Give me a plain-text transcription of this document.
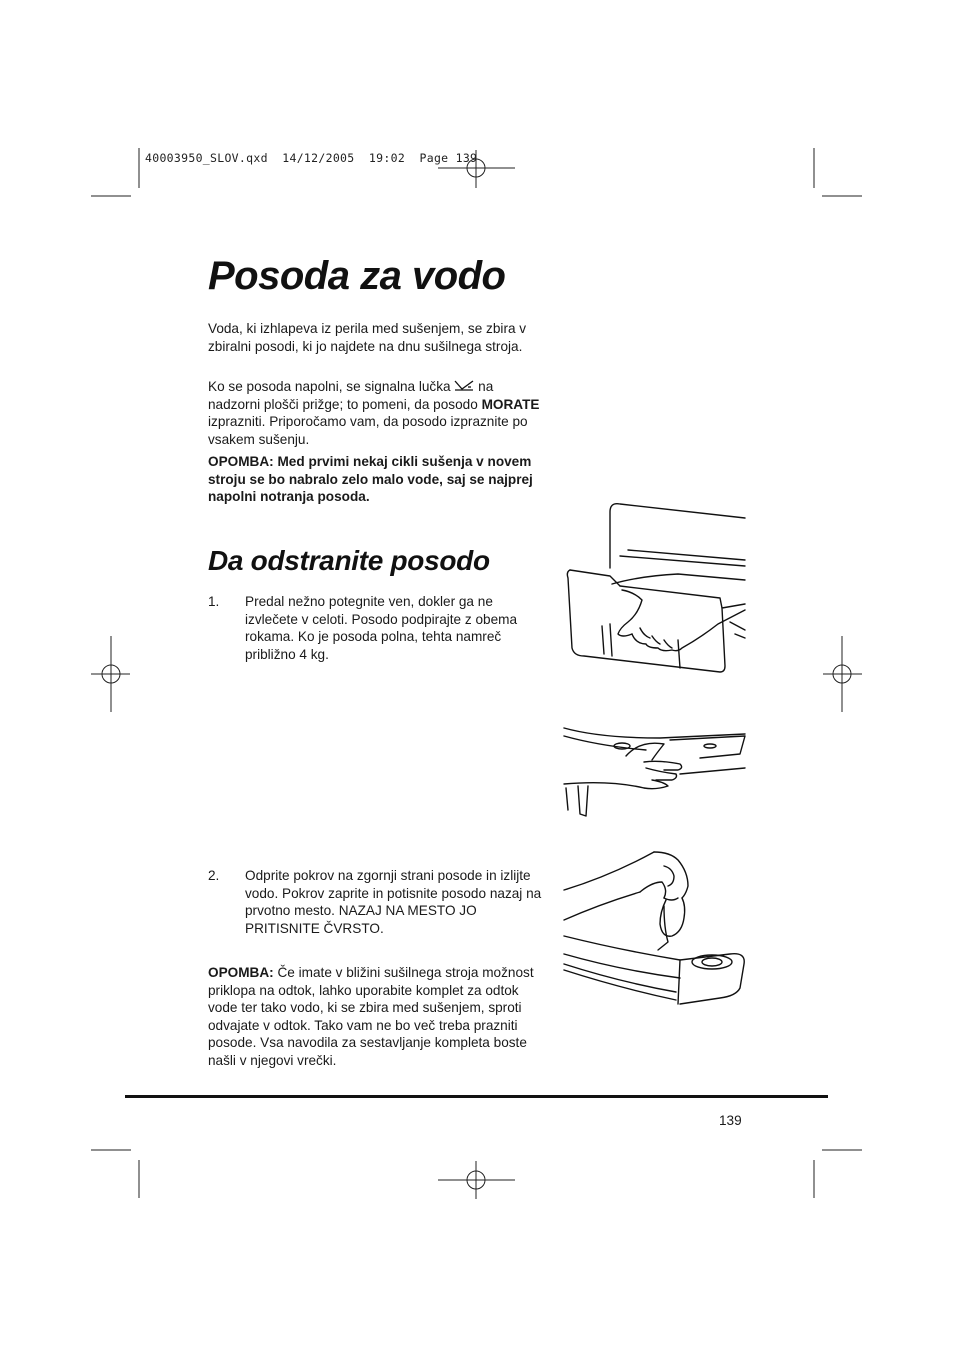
40003950_SLOV.qxd  14/12/2005  19:02  Page 139
Posoda za vodo

Voda, ki izhlapeva iz perila med sušenjem, se zbira v zbiralni posodi, ki jo najdete na dnu sušilnega stroja.

Ko se posoda napolni, se signalna lučka  na nadzorni plošči prižge; to pomeni, da posodo MORATE izprazniti. Priporočamo vam, da posodo izpraznite po vsakem sušenju.

OPOMBA: Med prvimi nekaj cikli sušenja v novem stroju se bo nabralo zelo malo vode, saj se najprej napolni notranja posoda.

Da odstranite posodo
1. Predal nežno potegnite ven, dokler ga ne izvlečete v celoti. Posodo podpirajte z obema rokama. Ko je posoda polna, tehta namreč približno 4 kg.
2. Odprite pokrov na zgornji strani posode in izlijte vodo. Pokrov zaprite in potisnite posodo nazaj na prvotno mesto. NAZAJ NA MESTO JO PRITISNITE ČVRSTO.

OPOMBA: Če imate v bližini sušilnega stroja možnost priklopa na odtok, lahko uporabite komplet za odtok vode ter tako vodo, ki se zbira med sušenjem, sproti odvajate v odtok. Tako vam ne bo več treba prazniti posode. Vsa navodila za sestavljanje kompleta boste našli v njegovi vrečki.

139
